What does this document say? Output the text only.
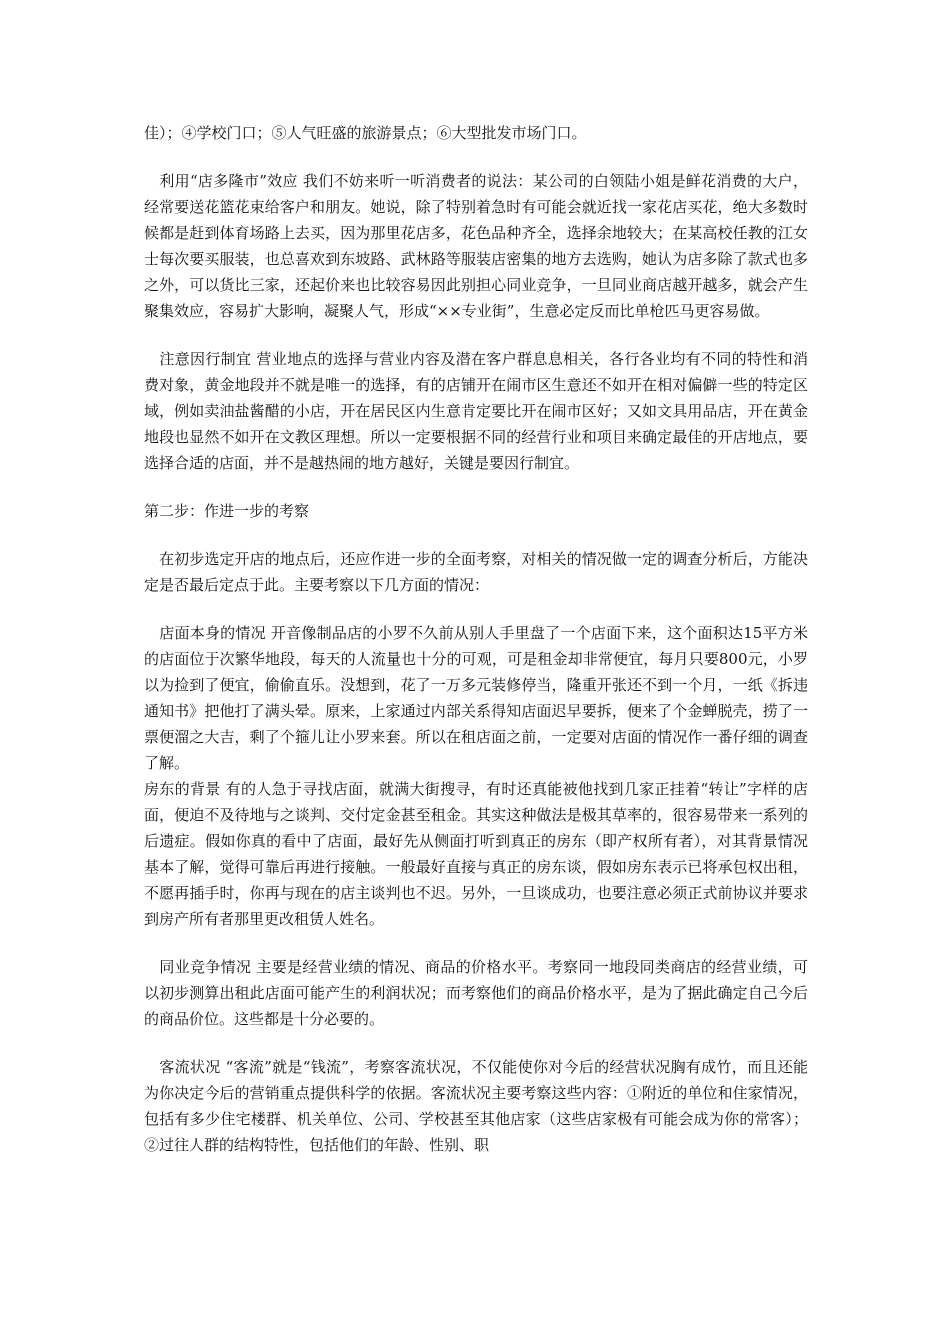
佳）；④学校门口；⑤人气旺盛的旅游景点；⑥大型批发市场门口。

　利用“店多隆市”效应 我们不妨来听一听消费者的说法：某公司的白领陆小姐是鲜花消费的大户，经常要送花篮花束给客户和朋友。她说，除了特别着急时有可能会就近找一家花店买花，绝大多数时候都是赶到体育场路上去买，因为那里花店多，花色品种齐全，选择余地较大；在某高校任教的江女士每次要买服装，也总喜欢到东坡路、武林路等服装店密集的地方去选购，她认为店多除了款式也多之外，可以货比三家，还起价来也比较容易因此别担心同业竞争，一旦同业商店越开越多，就会产生聚集效应，容易扩大影响，凝聚人气，形成“××专业街”，生意必定反而比单枪匹马更容易做。

　注意因行制宜 营业地点的选择与营业内容及潜在客户群息息相关，各行各业均有不同的特性和消费对象，黄金地段并不就是唯一的选择，有的店铺开在闹市区生意还不如开在相对偏僻一些的特定区域，例如卖油盐酱醋的小店，开在居民区内生意肯定要比开在闹市区好；又如文具用品店，开在黄金地段也显然不如开在文教区理想。所以一定要根据不同的经营行业和项目来确定最佳的开店地点，要选择合适的店面，并不是越热闹的地方越好，关键是要因行制宜。

第二步：作进一步的考察

　在初步选定开店的地点后，还应作进一步的全面考察，对相关的情况做一定的调查分析后，方能决定是否最后定点于此。主要考察以下几方面的情况：

　店面本身的情况 开音像制品店的小罗不久前从别人手里盘了一个店面下来，这个面积达15平方米的店面位于次繁华地段，每天的人流量也十分的可观，可是租金却非常便宜，每月只要800元，小罗以为捡到了便宜，偷偷直乐。没想到，花了一万多元装修停当，隆重开张还不到一个月，一纸《拆违通知书》把他打了满头晕。原来，上家通过内部关系得知店面迟早要拆，便来了个金蝉脱壳，捞了一票便溜之大吉，剩了个箍儿让小罗来套。所以在租店面之前，一定要对店面的情况作一番仔细的调查了解。

房东的背景 有的人急于寻找店面，就满大街搜寻，有时还真能被他找到几家正挂着“转让”字样的店面，便迫不及待地与之谈判、交付定金甚至租金。其实这种做法是极其草率的，很容易带来一系列的后遗症。假如你真的看中了店面，最好先从侧面打听到真正的房东（即产权所有者），对其背景情况基本了解，觉得可靠后再进行接触。一般最好直接与真正的房东谈，假如房东表示已将承包权出租，不愿再插手时，你再与现在的店主谈判也不迟。另外，一旦谈成功，也要注意必须正式前协议并要求到房产所有者那里更改租赁人姓名。

　同业竞争情况 主要是经营业绩的情况、商品的价格水平。考察同一地段同类商店的经营业绩，可以初步测算出租此店面可能产生的利润状况；而考察他们的商品价格水平，是为了据此确定自己今后的商品价位。这些都是十分必要的。

　客流状况 “客流”就是“钱流”，考察客流状况，不仅能使你对今后的经营状况胸有成竹，而且还能为你决定今后的营销重点提供科学的依据。客流状况主要考察这些内容：①附近的单位和住家情况，包括有多少住宅楼群、机关单位、公司、学校甚至其他店家（这些店家极有可能会成为你的常客）；②过往人群的结构特性，包括他们的年龄、性别、职
